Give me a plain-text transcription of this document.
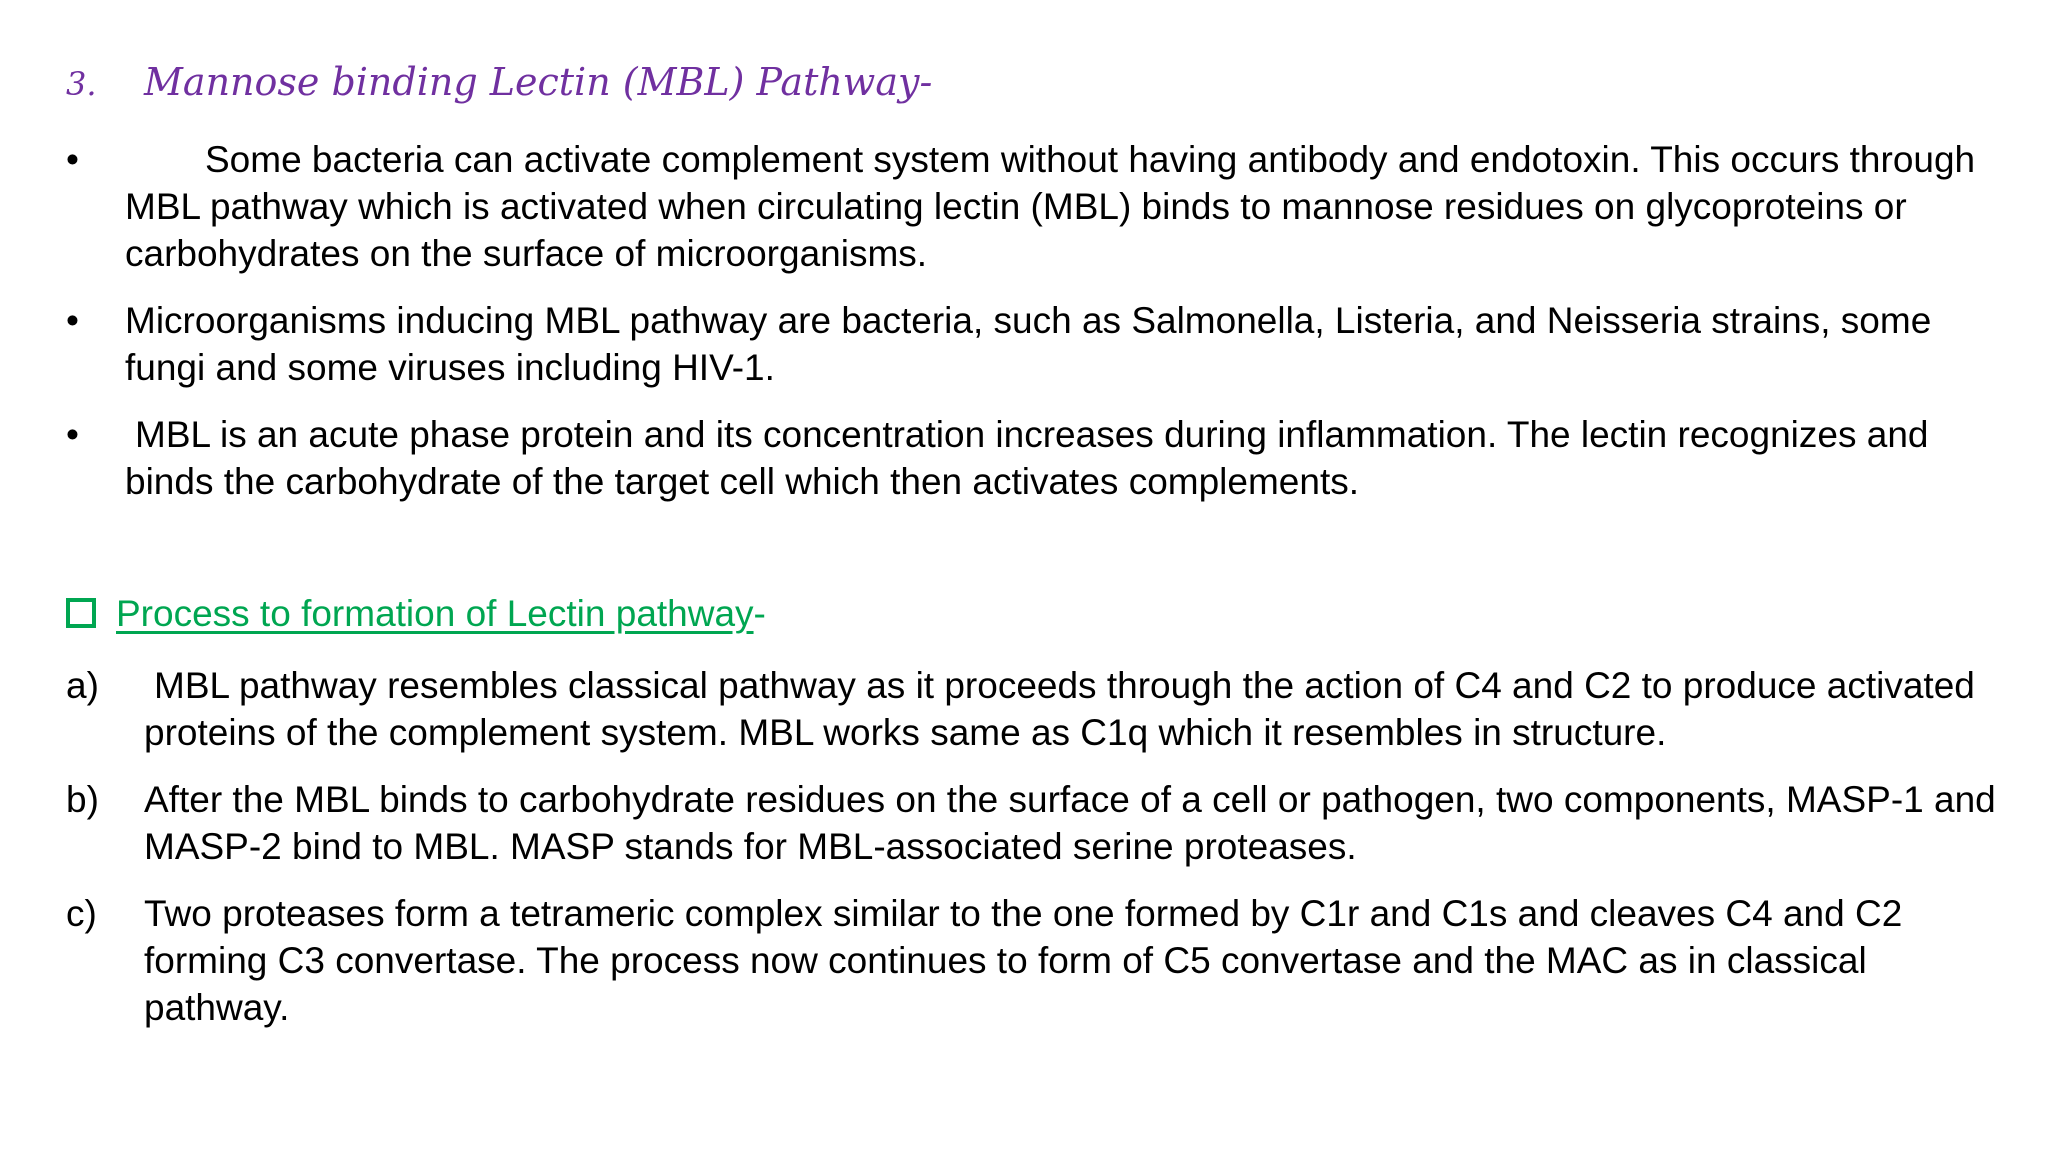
3. Mannose binding Lectin (MBL) Pathway-
•	Some bacteria can activate complement system without having antibody and endotoxin. This occurs through MBL pathway which is activated when circulating lectin (MBL) binds to mannose residues on glycoproteins or carbohydrates on the surface of microorganisms.
•	Microorganisms inducing MBL pathway are bacteria, such as Salmonella, Listeria, and Neisseria strains, some fungi and some viruses including HIV-1.
•	MBL is an acute phase protein and its concentration increases during inflammation. The lectin recognizes and binds the carbohydrate of the target cell which then activates complements.
Process to formation of Lectin pathway-
a) MBL pathway resembles classical pathway as it proceeds through the action of C4 and C2 to produce activated proteins of the complement system. MBL works same as C1q which it resembles in structure.
b) After the MBL binds to carbohydrate residues on the surface of a cell or pathogen, two components, MASP-1 and MASP-2 bind to MBL. MASP stands for MBL-associated serine proteases.
c) Two proteases form a tetrameric complex similar to the one formed by C1r and C1s and cleaves C4 and C2 forming C3 convertase. The process now continues to form of C5 convertase and the MAC as in classical pathway.
